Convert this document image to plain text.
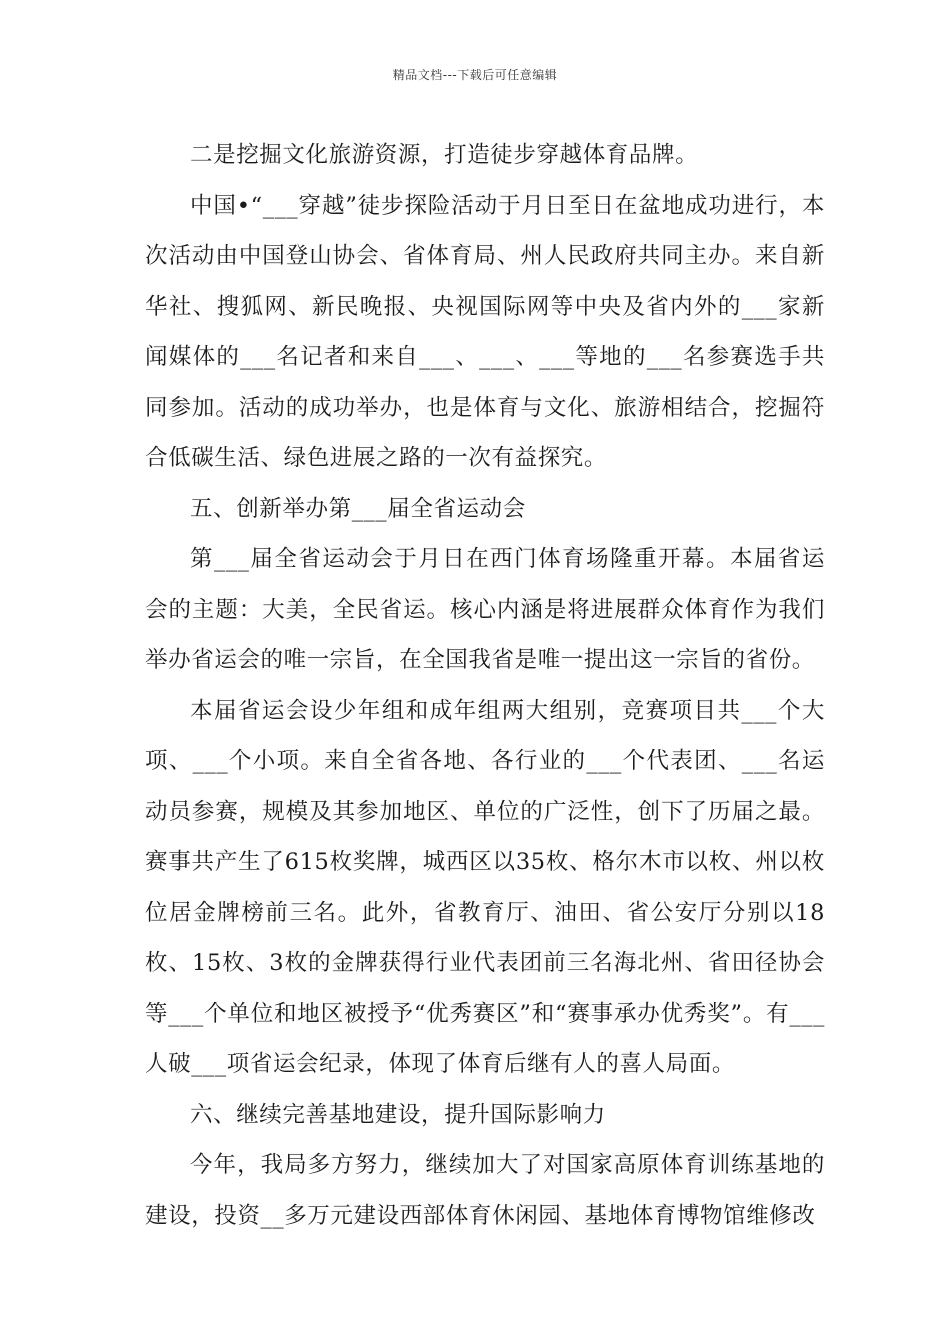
精品文档---下载后可任意编辑

二是挖掘文化旅游资源，打造徒步穿越体育品牌。

中国•“___穿越”徒步探险活动于月日至日在盆地成功进行，本次活动由中国登山协会、省体育局、州人民政府共同主办。来自新华社、搜狐网、新民晚报、央视国际网等中央及省内外的___家新闻媒体的___名记者和来自___、___、___等地的___名参赛选手共同参加。活动的成功举办，也是体育与文化、旅游相结合，挖掘符合低碳生活、绿色进展之路的一次有益探究。

五、创新举办第___届全省运动会

第___届全省运动会于月日在西门体育场隆重开幕。本届省运会的主题：大美，全民省运。核心内涵是将进展群众体育作为我们举办省运会的唯一宗旨，在全国我省是唯一提出这一宗旨的省份。

本届省运会设少年组和成年组两大组别，竞赛项目共___个大项、___个小项。来自全省各地、各行业的___个代表团、___名运动员参赛，规模及其参加地区、单位的广泛性，创下了历届之最。赛事共产生了615枚奖牌，城西区以35枚、格尔木市以枚、州以枚位居金牌榜前三名。此外，省教育厅、油田、省公安厅分别以18枚、15枚、3枚的金牌获得行业代表团前三名海北州、省田径协会等___个单位和地区被授予“优秀赛区”和“赛事承办优秀奖”。有___人破___项省运会纪录，体现了体育后继有人的喜人局面。

六、继续完善基地建设，提升国际影响力

今年，我局多方努力，继续加大了对国家高原体育训练基地的建设，投资__多万元建设西部体育休闲园、基地体育博物馆维修改
